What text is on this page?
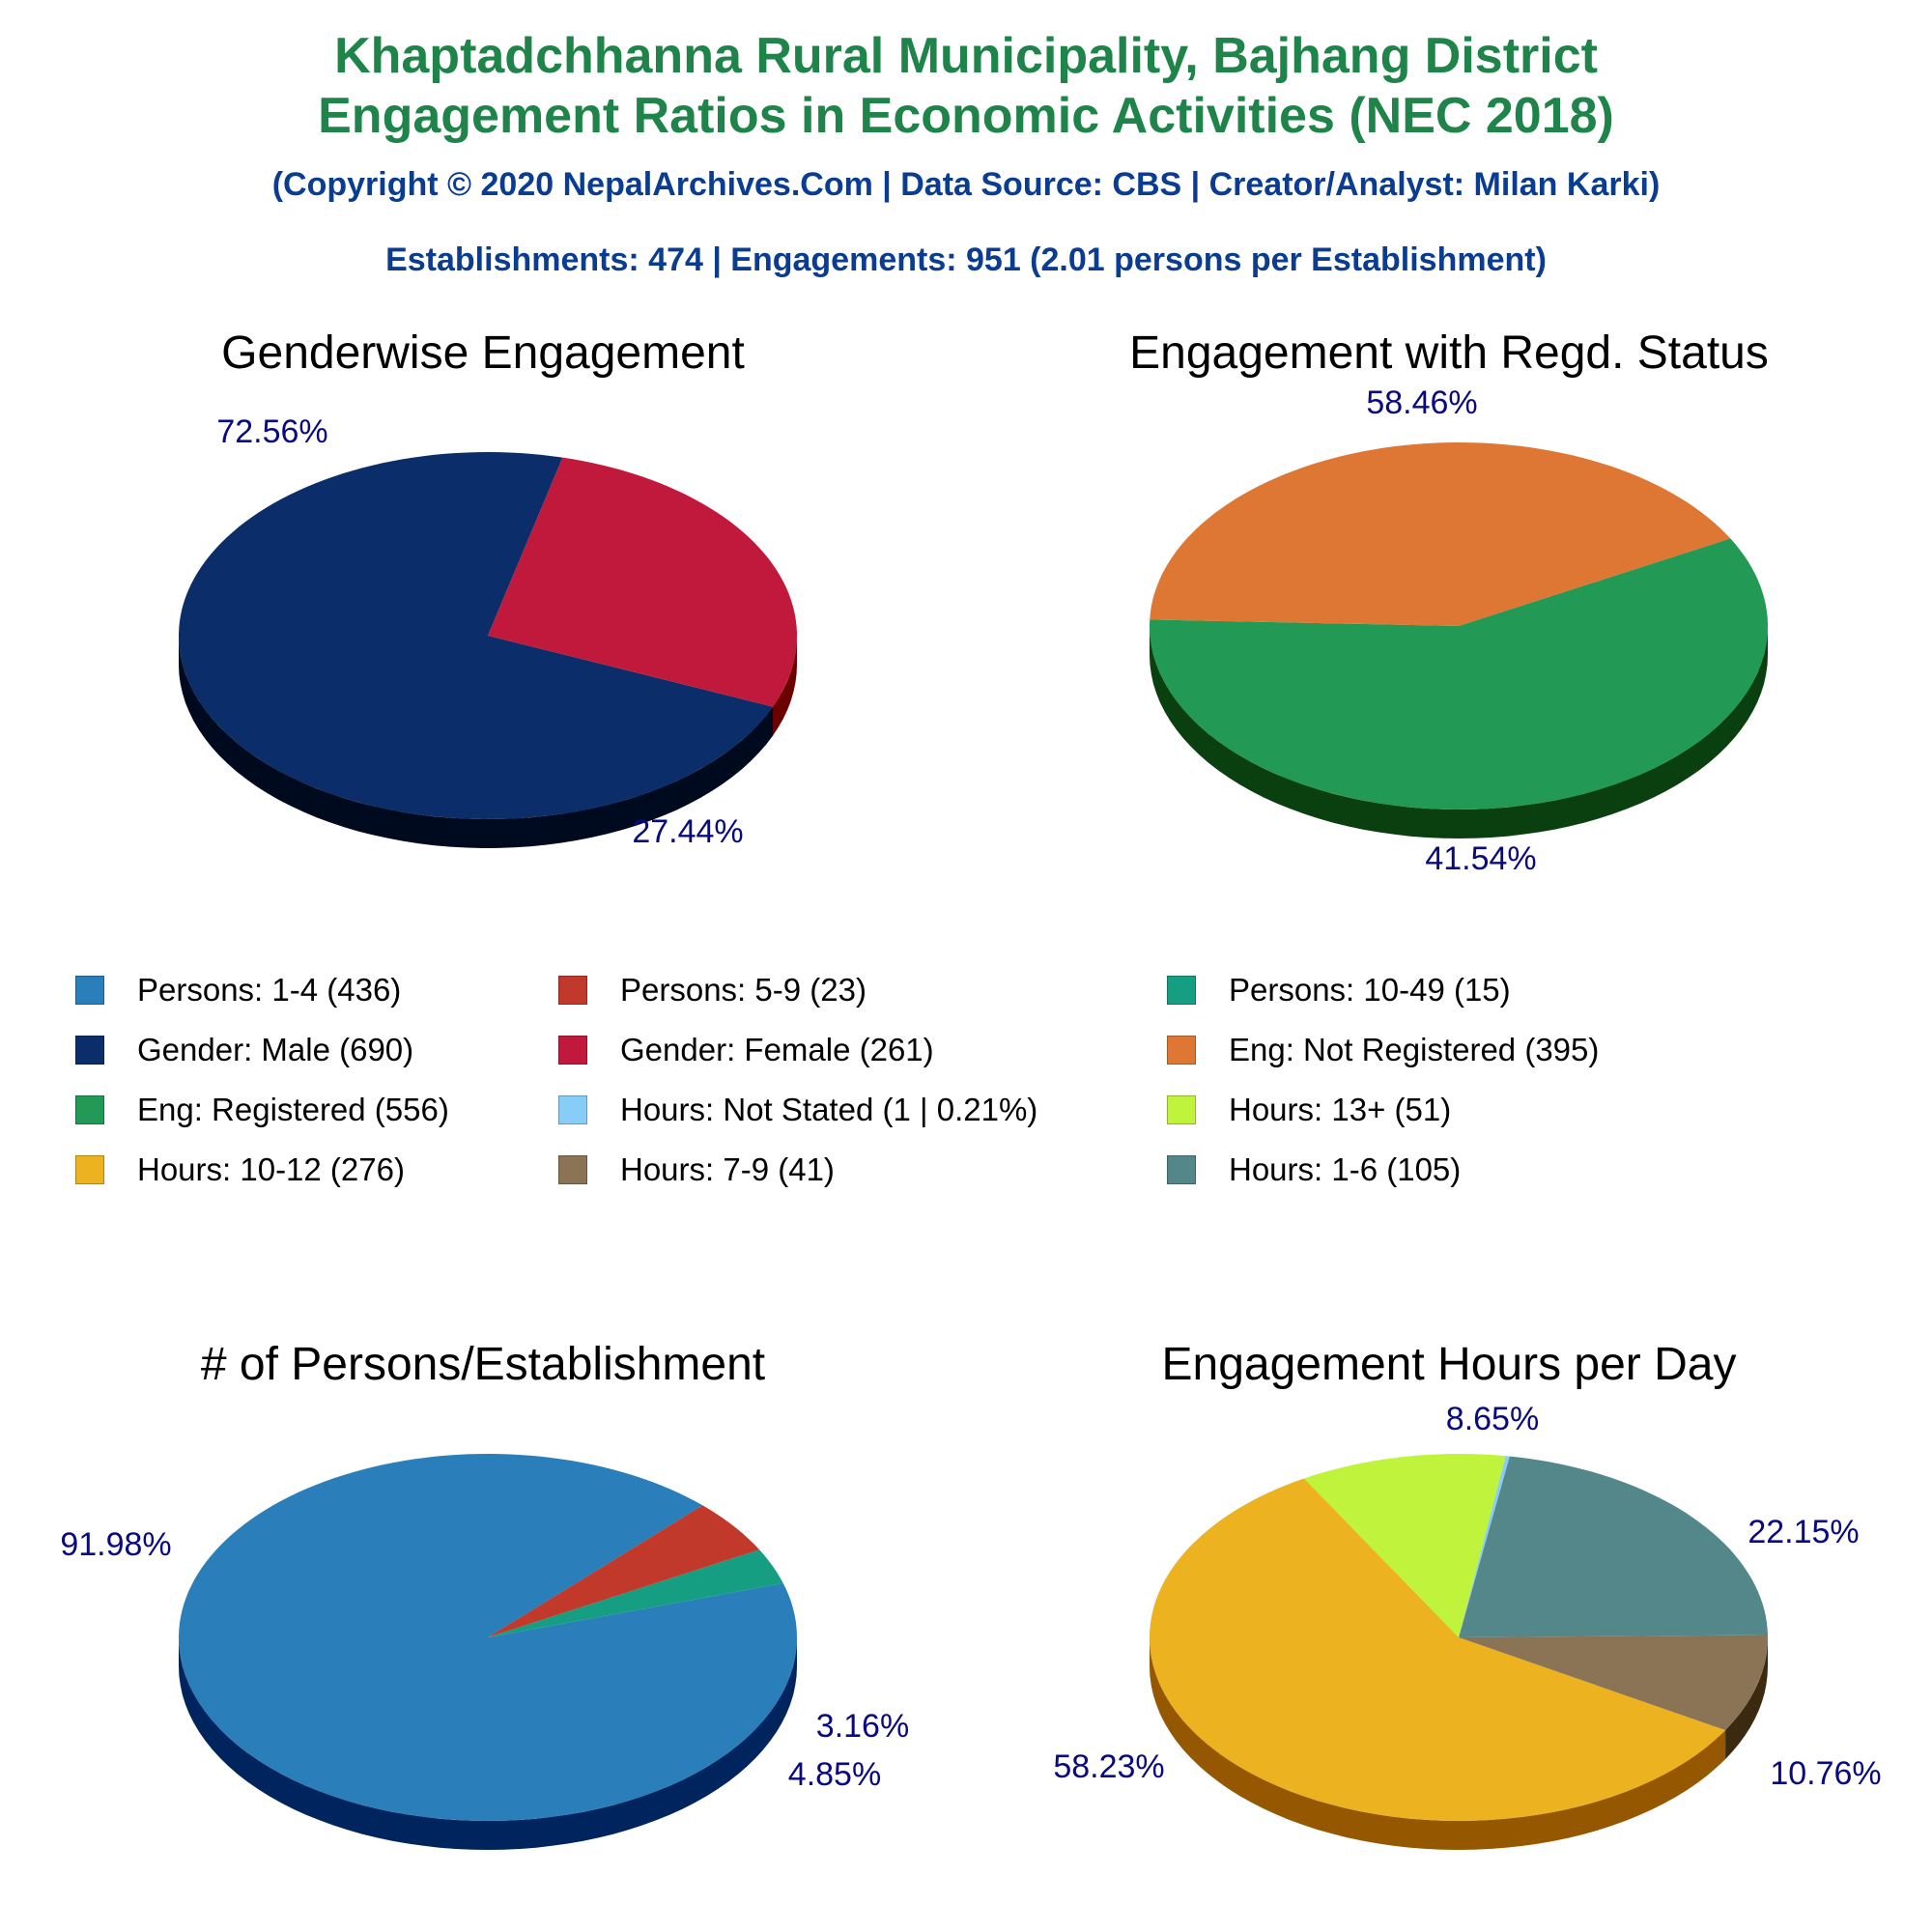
Khaptadchhanna Rural Municipality, Bajhang District
Engagement Ratios in Economic Activities (NEC 2018)
(Copyright © 2020 NepalArchives.Com | Data Source: CBS | Creator/Analyst: Milan Karki)
Establishments: 474 | Engagements: 951 (2.01 persons per Establishment)
Genderwise Engagement	Engagement with Regd. Status
# of Persons/Establishment	Engagement Hours per Day
72.56%
27.44%
58.46%
41.54%
91.98%
3.16%
4.85%	58.23%
8.65%
22.15%
10.76%
Persons: 1-4 (436)	Persons: 5-9 (23)	Persons: 10-49 (15)
Gender: Male (690)	Gender: Female (261)	Eng: Not Registered (395)
Eng: Registered (556)	Hours: Not Stated (1 | 0.21%)	Hours: 13+ (51)
Hours: 10-12 (276)	Hours: 7-9 (41)	Hours: 1-6 (105)
